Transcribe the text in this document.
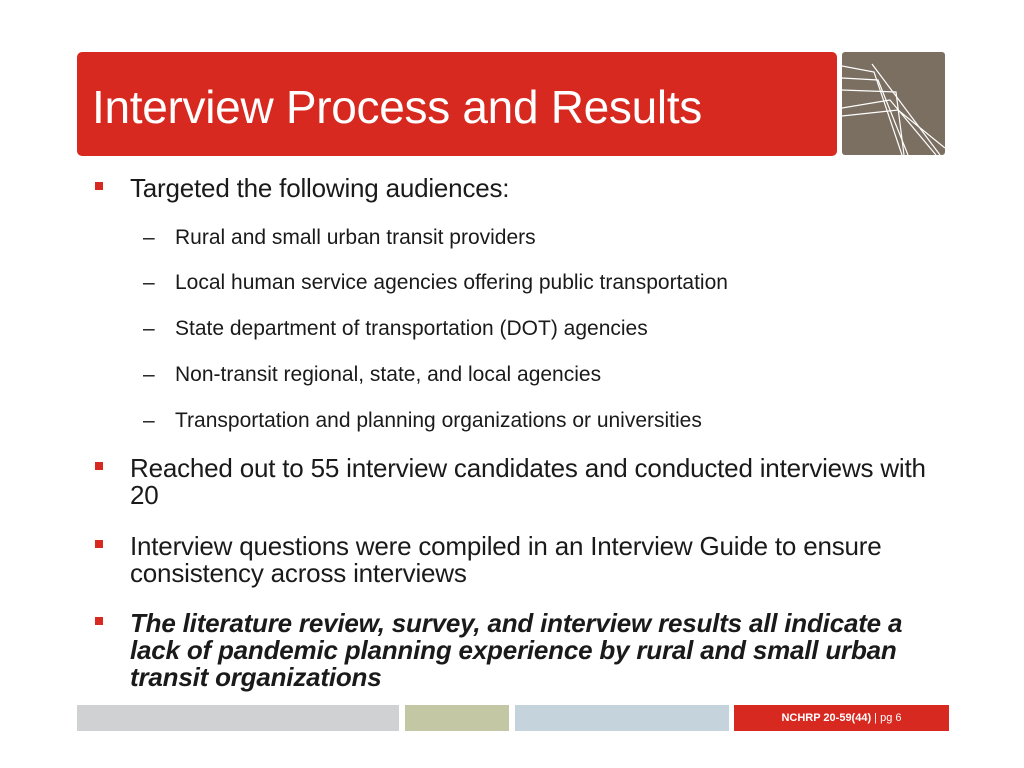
Interview Process and Results
Targeted the following audiences:
– Rural and small urban transit providers
– Local human service agencies offering public transportation
– State department of transportation (DOT) agencies
– Non-transit regional, state, and local agencies
– Transportation and planning organizations or universities
Reached out to 55 interview candidates and conducted interviews with 20
Interview questions were compiled in an Interview Guide to ensure consistency across interviews
The literature review, survey, and interview results all indicate a lack of pandemic planning experience by rural and small urban transit organizations
NCHRP 20-59(44) | pg 6
